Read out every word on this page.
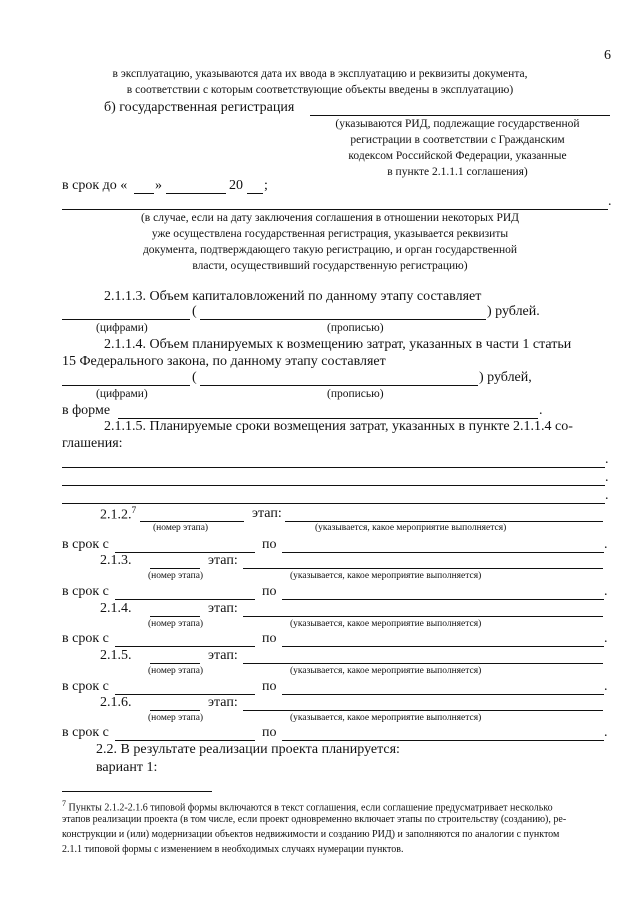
6
в эксплуатацию, указываются дата их ввода в эксплуатацию и реквизиты документа,
в соответствии с которым соответствующие объекты введены в эксплуатацию)
б) государственная регистрация
(указываются РИД, подлежащие государственной
регистрации в соответствии с Гражданским
кодексом Российской Федерации, указанные
в пункте 2.1.1.1 соглашения)
в срок до « »	20 ;
.
(в случае, если на дату заключения соглашения в отношении некоторых РИД
уже осуществлена государственная регистрация, указывается реквизиты
документа, подтверждающего такую регистрацию, и орган государственной
власти, осуществивший государственную регистрацию)
2.1.1.3. Объем капиталовложений по данному этапу составляет
(	) рублей.
(цифрами)	(прописью)
2.1.1.4. Объем планируемых к возмещению затрат, указанных в части 1 статьи
15 Федерального закона, по данному этапу составляет
(	) рублей,
(цифрами)	(прописью)
в форме	.
2.1.1.5. Планируемые сроки возмещения затрат, указанных в пункте 2.1.1.4 со-
глашения:
.
.
.
2.1.2.$^7$	этап:
(номер этапа)	(указывается, какое мероприятие выполняется)
в срок с	по	.
2.1.3.	этап:
(номер этапа)	(указывается, какое мероприятие выполняется)
в срок с	по	.
2.1.4.	этап:
(номер этапа)	(указывается, какое мероприятие выполняется)
в срок с	по	.
2.1.5.	этап:
(номер этапа)	(указывается, какое мероприятие выполняется)
в срок с	по	.
2.1.6.	этап:
(номер этапа)	(указывается, какое мероприятие выполняется)
в срок с	по	.
2.2. В результате реализации проекта планируется:
вариант 1:
$^7$ Пункты 2.1.2-2.1.6 типовой формы включаются в текст соглашения, если соглашение предусматривает несколько
этапов реализации проекта (в том числе, если проект одновременно включает этапы по строительству (созданию), ре-
конструкции и (или) модернизации объектов недвижимости и созданию РИД) и заполняются по аналогии с пунктом
2.1.1 типовой формы с изменением в необходимых случаях нумерации пунктов.
